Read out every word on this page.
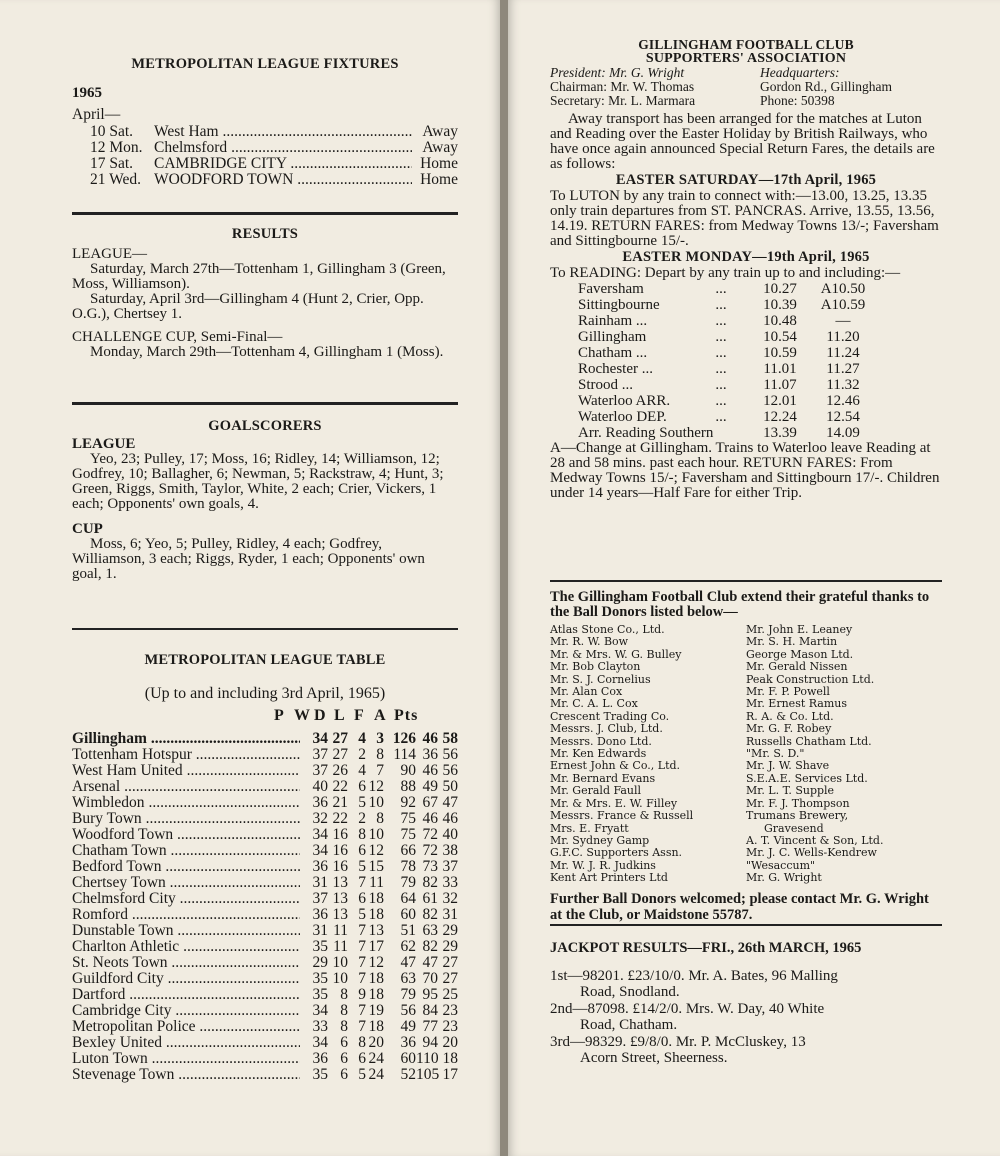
METROPOLITAN LEAGUE FIXTURES
1965
April—
10 Sat.	West Ham .....	Away
12 Mon. Chelmsford .....	Away
17 Sat.	CAMBRIDGE CITY .....	Home
21 Wed. WOODFORD TOWN .....	Home
RESULTS

LEAGUE—

Saturday, March 27th—Tottenham 1, Gillingham 3 (Green, Moss, Williamson).

Saturday, April 3rd—Gillingham 4 (Hunt 2, Crier, Opp. O.G.), Chertsey 1.

CHALLENGE CUP, Semi-Final—

Monday, March 29th—Tottenham 4, Gillingham 1 (Moss).

GOALSCORERS

LEAGUE

Yeo, 23; Pulley, 17; Moss, 16; Ridley, 14; Williamson, 12; Godfrey, 10; Ballagher, 6; Newman, 5; Rackstraw, 4; Hunt, 3; Green, Riggs, Smith, Taylor, White, 2 each; Crier, Vickers, 1 each; Opponents' own goals, 4.

CUP

Moss, 6; Yeo, 5; Pulley, Ridley, 4 each; Godfrey, Williamson, 3 each; Riggs, Ryder, 1 each; Opponents' own goal, 1.

METROPOLITAN LEAGUE TABLE
(Up to and including 3rd April, 1965)
P W D L F A Pts
Gillingham .....	34 27 4 3 126 46 58
Tottenham Hotspur .....	37 27 2 8 114 36 56
West Ham United .....	37 26 4 7	90 46 56
Arsenal .....	40 22 6 12	88 49 50
Wimbledon .....	36 21 5 10	92 67 47
Bury Town .....	32 22 2 8	75 46 46
Woodford Town .....	34 16 8 10	75 72 40
Chatham Town .....	34 16 6 12	66 72 38
Bedford Town .....	36 16 5 15	78 73 37
Chertsey Town .....	31 13 7 11	79 82 33
Chelmsford City .....	37 13 6 18	64 61 32
Romford .....	36 13 5 18	60 82 31
Dunstable Town .....	31 11 7 13	51 63 29
Charlton Athletic .....	35 11 7 17	62 82 29
St. Neots Town .....	29 10 7 12	47 47 27
Guildford City .....	35 10 7 18	63 70 27
Dartford .....	35 8 9 18	79 95 25
Cambridge City .....	34 8 7 19	56 84 23
Metropolitan Police .....	33 8 7 18	49 77 23
Bexley United .....	34 6 8 20	36 94 20
Luton Town .....	36 6 6 24	60 110 18
Stevenage Town .....	35 6 5 24	52 105 17
GILLINGHAM FOOTBALL CLUB
SUPPORTERS' ASSOCIATION
President: Mr. G. Wright	Headquarters:
Chairman: Mr. W. Thomas	Gordon Rd., Gillingham
Secretary: Mr. L. Marmara	Phone: 50398

Away transport has been arranged for the matches at Luton and Reading over the Easter Holiday by British Railways, who have once again announced Special Return Fares, the details are as follows:

EASTER SATURDAY—17th April, 1965

To LUTON by any train to connect with:—13.00, 13.25, 13.35 only train departures from ST. PANCRAS. Arrive, 13.55, 13.56, 14.19. RETURN FARES: from Medway Towns 13/-; Faversham and Sittingbourne 15/-.

EASTER MONDAY—19th April, 1965

To READING: Depart by any train up to and including:—

Faversham	...	10.27	A10.50
Sittingbourne	...	10.39	A10.59
Rainham ...	...	10.48	—
Gillingham	...	10.54	11.20
Chatham ...	...	10.59	11.24
Rochester ...	...	11.01	11.27
Strood ...	...	11.07	11.32
Waterloo ARR.	...	12.01	12.46
Waterloo DEP.	...	12.24	12.54
Arr. Reading Southern	13.39	14.09

A—Change at Gillingham. Trains to Waterloo leave Reading at 28 and 58 mins. past each hour. RETURN FARES: From Medway Towns 15/-; Faversham and Sittingbourn 17/-. Children under 14 years—Half Fare for either Trip.

The Gillingham Football Club extend their grateful thanks to the Ball Donors listed below—

Atlas Stone Co., Ltd.
Mr. R. W. Bow
Mr. & Mrs. W. G. Bulley
Mr. Bob Clayton
Mr. S. J. Cornelius
Mr. Alan Cox
Mr. C. A. L. Cox
Crescent Trading Co.
Messrs. J. Club, Ltd.
Messrs. Dono Ltd.
Mr. Ken Edwards
Ernest John & Co., Ltd.
Mr. Bernard Evans
Mr. Gerald Faull
Mr. & Mrs. E. W. Filley
Messrs. France & Russell
Mrs. E. Fryatt
Mr. Sydney Gamp
G.F.C. Supporters Assn.
Mr. W. J. R. Judkins
Kent Art Printers Ltd
Mr. John E. Leaney
Mr. S. H. Martin
George Mason Ltd.
Mr. Gerald Nissen
Peak Construction Ltd.
Mr. F. P. Powell
Mr. Ernest Ramus
R. A. & Co. Ltd.
Mr. G. F. Robey
Russells Chatham Ltd.
"Mr. S. D."
Mr. J. W. Shave
S.E.A.E. Services Ltd.
Mr. L. T. Supple
Mr. F. J. Thompson
Trumans Brewery,
Gravesend
A. T. Vincent & Son, Ltd.
Mr. J. C. Wells-Kendrew
"Wesaccum"
Mr. G. Wright

Further Ball Donors welcomed; please contact Mr. G. Wright at the Club, or Maidstone 55787.

JACKPOT RESULTS—FRI., 26th MARCH, 1965
1st—98201. £23/10/0. Mr. A. Bates, 96 Malling
Road, Snodland.
2nd—87098. £14/2/0. Mrs. W. Day, 40 White
Road, Chatham.
3rd—98329. £9/8/0. Mr. P. McCluskey, 13
Acorn Street, Sheerness.
